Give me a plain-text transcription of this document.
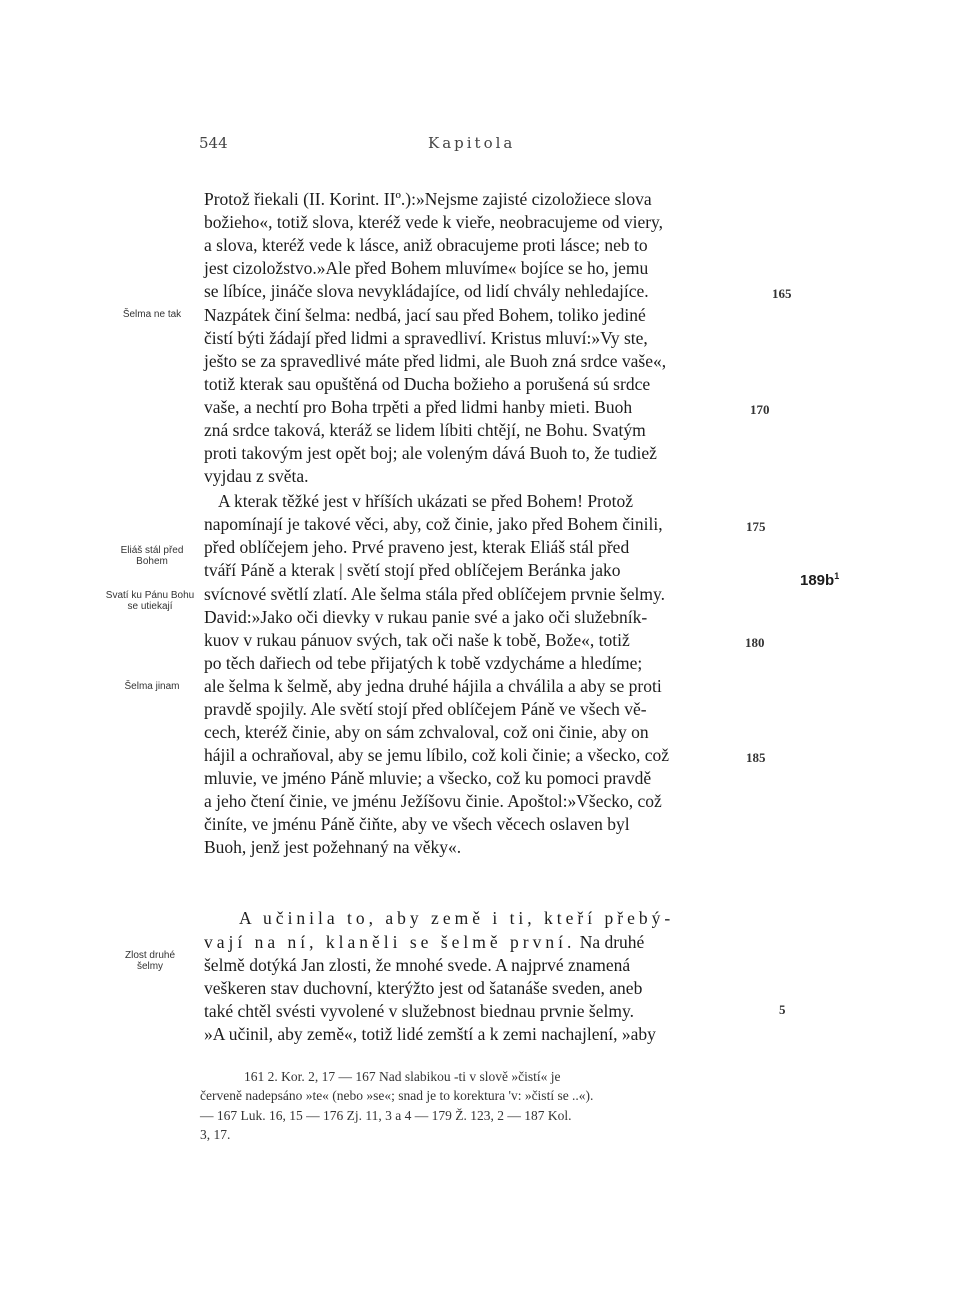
544	Kapitola
Protož řiekali (II. Korint. IIº.):»Nejsme zajisté cizoložiece slova
božieho«, totiž slova, kteréž vede k vieře, neobracujeme od viery,
a slova, kteréž vede k lásce, aniž obracujeme proti lásce; neb to
jest cizoložstvo.»Ale před Bohem mluvíme« bojíce se ho, jemu
se líbíce, jináče slova nevykládajíce, od lidí chvály nehledajíce.
Nazpátek činí šelma: nedbá, jací sau před Bohem, toliko jediné
čistí býti žádají před lidmi a spravedliví. Kristus mluví:»Vy ste,
ješto se za spravedlivé máte před lidmi, ale Buoh zná srdce vaše«,
totiž kterak sau opuštěná od Ducha božieho a porušená sú srdce
vaše, a nechtí pro Boha trpěti a před lidmi hanby mieti. Buoh
zná srdce taková, kteráž se lidem líbiti chtějí, ne Bohu. Svatým
proti takovým jest opět boj; ale voleným dává Buoh to, že tudiež
vyjdau z světa.
A kterak těžké jest v hříších ukázati se před Bohem! Protož
napomínají je takové věci, aby, což činie, jako před Bohem činili,
před oblíčejem jeho. Prvé praveno jest, kterak Eliáš stál před
tváří Páně a kterak | světí stojí před oblíčejem Beránka jako
svícnové světlí zlatí. Ale šelma stála před oblíčejem prvnie šelmy.
David:»Jako oči dievky v rukau panie své a jako oči služebník-
kuov v rukau pánuov svých, tak oči naše k tobě, Bože«, totiž
po těch dařiech od tebe přijatých k tobě vzdycháme a hledíme;
ale šelma k šelmě, aby jedna druhé hájila a chválila a aby se proti
pravdě spojily. Ale světí stojí před oblíčejem Páně ve všech vě-
cech, kteréž činie, aby on sám zchvaloval, což oni činie, aby on
hájil a ochraňoval, aby se jemu líbilo, což koli činie; a všecko, což
mluvie, ve jméno Páně mluvie; a všecko, což ku pomoci pravdě
a jeho čtení činie, ve jménu Ježíšovu činie. Apoštol:»Všecko, což
činíte, ve jménu Páně čiňte, aby ve všech věcech oslaven byl
Buoh, jenž jest požehnaný na věky«.
165
170
175
180
185
5
Šelma ne tak
Eliáš stál před Bohem
Svatí ku Pánu Bohu se utiekají
Šelma jinam
Zlost druhé šelmy
$189b^1$
A učinila to, aby země i ti, kteří přebý-
vají na ní, klaněli se šelmě první. Na druhé
šelmě dotýká Jan zlosti, že mnohé svede. A najprvé znamená
veškeren stav duchovní, kterýžto jest od šatanáše sveden, aneb
také chtěl svésti vyvolené v služebnost biednau prvnie šelmy.
»A učinil, aby země«, totiž lidé zemští a k zemi nachajlení, »aby
161 2. Kor. 2, 17 — 167 Nad slabikou -ti v slově »čistí« je
červeně nadepsáno »te« (nebo »se«; snad je to korektura 'v: »čistí se ..«).
— 167 Luk. 16, 15 — 176 Zj. 11, 3 a 4 — 179 Ž. 123, 2 — 187 Kol.
3, 17.
